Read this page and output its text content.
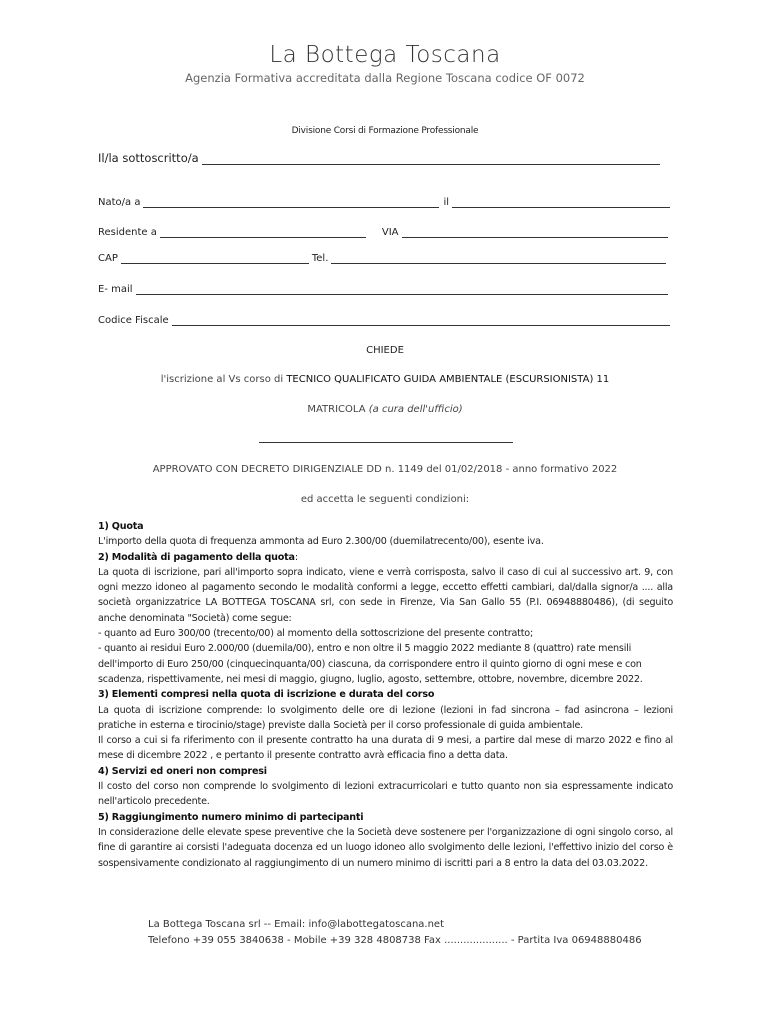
La Bottega Toscana
Agenzia Formativa accreditata dalla Regione Toscana codice OF 0072
Divisione Corsi di Formazione Professionale
Il/la sottoscritto/a
Nato/a a	il
Residente a	VIA
CAP	Tel.
E- mail
Codice Fiscale
CHIEDE
l'iscrizione al Vs corso di TECNICO QUALIFICATO GUIDA AMBIENTALE (ESCURSIONISTA) 11
MATRICOLA (a cura dell'ufficio)
APPROVATO CON DECRETO DIRIGENZIALE DD n. 1149 del 01/02/2018 - anno formativo 2022
ed accetta le seguenti condizioni:

1) Quota

L'importo della quota di frequenza ammonta ad Euro 2.300/00 (duemilatrecento/00), esente iva.

2) Modalità di pagamento della quota:

La quota di iscrizione, pari all'importo sopra indicato, viene e verrà corrisposta, salvo il caso di cui al successivo art. 9, con ogni mezzo idoneo al pagamento secondo le modalità conformi a legge, eccetto effetti cambiari, dal/dalla signor/a .... alla società organizzatrice LA BOTTEGA TOSCANA srl, con sede in Firenze, Via San Gallo 55 (P.I. 06948880486), (di seguito anche denominata "Società) come segue:

- quanto ad Euro 300/00 (trecento/00) al momento della sottoscrizione del presente contratto;

- quanto ai residui Euro 2.000/00 (duemila/00), entro e non oltre il 5 maggio 2022 mediante 8 (quattro) rate mensili dell'importo di Euro 250/00 (cinquecinquanta/00) ciascuna, da corrispondere entro il quinto giorno di ogni mese e con scadenza, rispettivamente, nei mesi di maggio, giugno, luglio, agosto, settembre, ottobre, novembre, dicembre 2022.

3) Elementi compresi nella quota di iscrizione e durata del corso

La quota di iscrizione comprende: lo svolgimento delle ore di lezione (lezioni in fad sincrona – fad asincrona – lezioni pratiche in esterna e tirocinio/stage) previste dalla Società per il corso professionale di guida ambientale.

Il corso a cui si fa riferimento con il presente contratto ha una durata di 9 mesi, a partire dal mese di marzo 2022 e fino al mese di dicembre 2022 , e pertanto il presente contratto avrà efficacia fino a detta data.

4) Servizi ed oneri non compresi

Il costo del corso non comprende lo svolgimento di lezioni extracurricolari e tutto quanto non sia espressamente indicato nell'articolo precedente.

5) Raggiungimento numero minimo di partecipanti

In considerazione delle elevate spese preventive che la Società deve sostenere per l'organizzazione di ogni singolo corso, al fine di garantire ai corsisti l'adeguata docenza ed un luogo idoneo allo svolgimento delle lezioni, l'effettivo inizio del corso è sospensivamente condizionato al raggiungimento di un numero minimo di iscritti pari a 8 entro la data del 03.03.2022.

La Bottega Toscana srl -- Email: info@labottegatoscana.net
Telefono +39 055 3840638 - Mobile +39 328 4808738 Fax .................... - Partita Iva 06948880486
